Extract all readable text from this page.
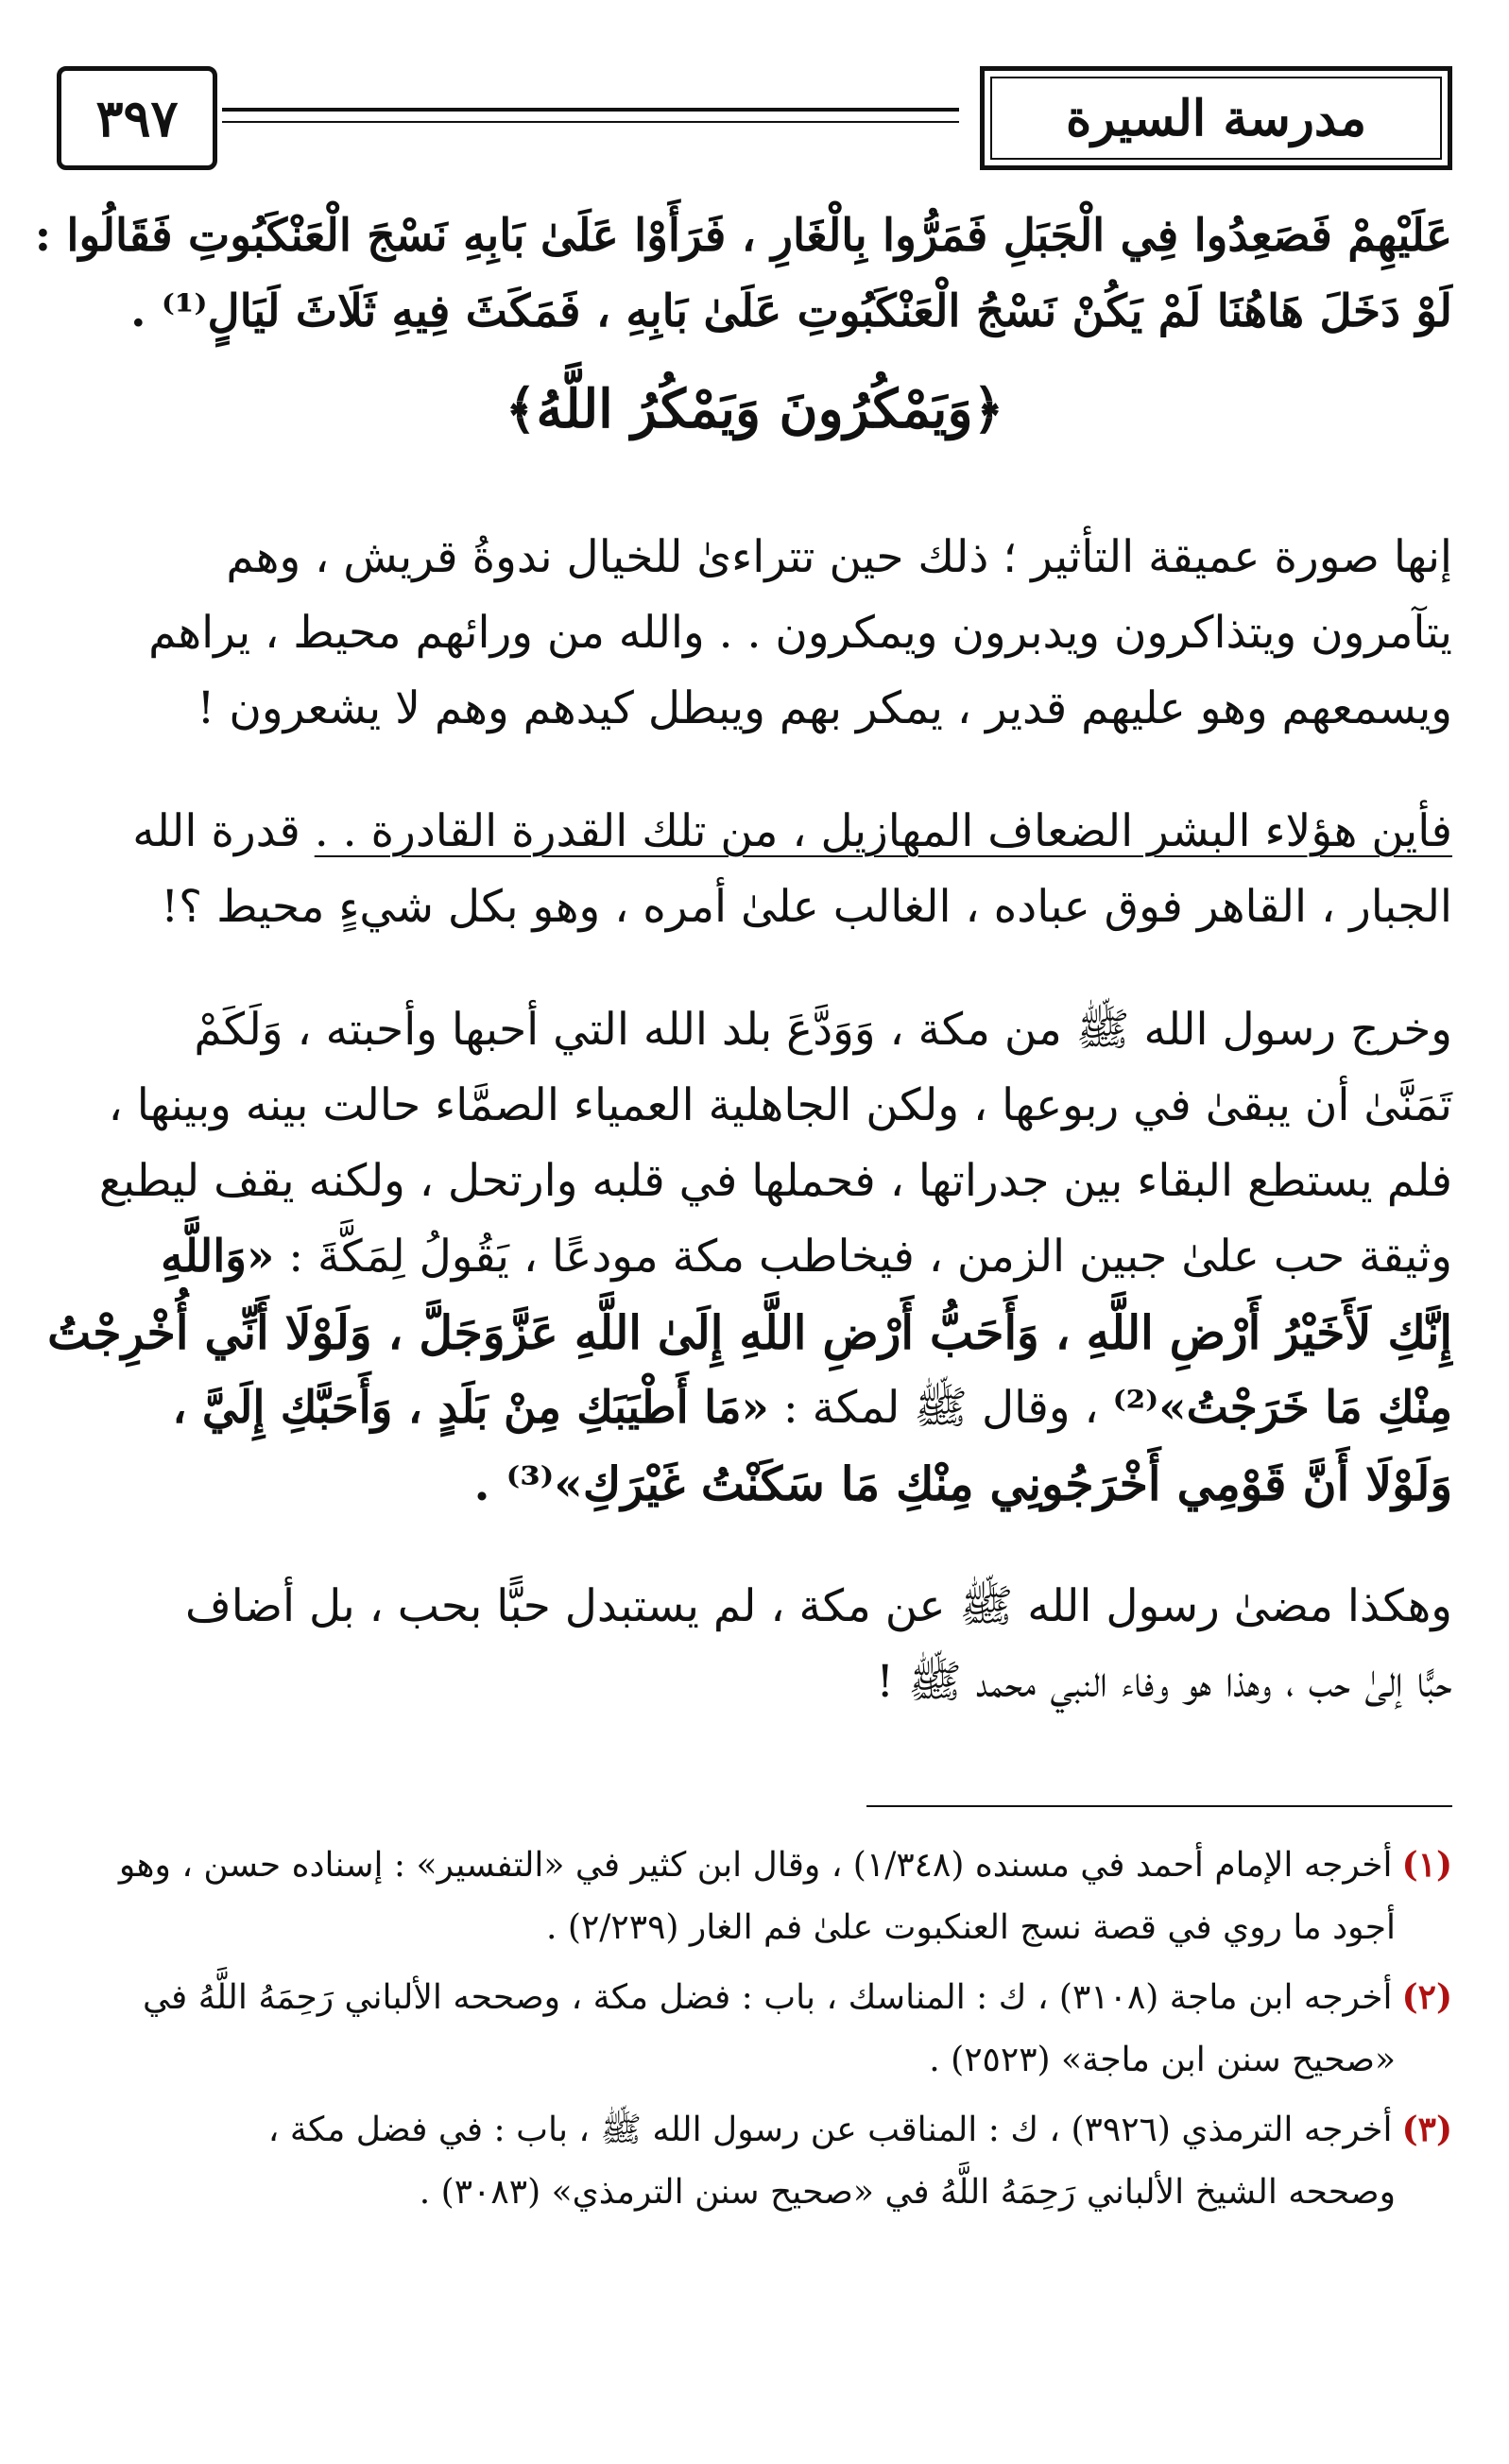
مدرسة السيرة
٣٩٧
عَلَيْهِمْ فَصَعِدُوا فِي الْجَبَلِ فَمَرُّوا بِالْغَارِ ، فَرَأَوْا عَلَىٰ بَابِهِ نَسْجَ الْعَنْكَبُوتِ فَقَالُوا :
لَوْ دَخَلَ هَاهُنَا لَمْ يَكُنْ نَسْجُ الْعَنْكَبُوتِ عَلَىٰ بَابِهِ ، فَمَكَثَ فِيهِ ثَلَاثَ لَيَالٍ⁽¹⁾ .
﴿وَيَمْكُرُونَ وَيَمْكُرُ اللَّهُ﴾
إنها صورة عميقة التأثير ؛ ذلك حين تتراءىٰ للخيال ندوةُ قريش ، وهم
يتآمرون ويتذاكرون ويدبرون ويمكرون . . والله من ورائهم محيط ، يراهم
ويسمعهم وهو عليهم قدير ، يمكر بهم ويبطل كيدهم وهم لا يشعرون !
فأين هؤلاء البشر الضعاف المهازيل ، من تلك القدرة القادرة . . قدرة الله
الجبار ، القاهر فوق عباده ، الغالب علىٰ أمره ، وهو بكل شيءٍ محيط ؟!
وخرج رسول الله ﷺ من مكة ، وَوَدَّعَ بلد الله التي أحبها وأحبته ، وَلَكَمْ
تَمَنَّىٰ أن يبقىٰ في ربوعها ، ولكن الجاهلية العمياء الصمَّاء حالت بينه وبينها ،
فلم يستطع البقاء بين جدراتها ، فحملها في قلبه وارتحل ، ولكنه يقف ليطبع
وثيقة حب علىٰ جبين الزمن ، فيخاطب مكة مودعًا ، يَقُولُ لِمَكَّةَ : «وَاللَّهِ
إِنَّكِ لَأَخَيْرُ أَرْضِ اللَّهِ ، وَأَحَبُّ أَرْضِ اللَّهِ إِلَىٰ اللَّهِ عَزَّوَجَلَّ ، وَلَوْلَا أَنِّي أُخْرِجْتُ
مِنْكِ مَا خَرَجْتُ»⁽²⁾ ، وقال ﷺ لمكة : «مَا أَطْيَبَكِ مِنْ بَلَدٍ ، وَأَحَبَّكِ إِلَيَّ ،
وَلَوْلَا أَنَّ قَوْمِي أَخْرَجُونِي مِنْكِ مَا سَكَنْتُ غَيْرَكِ»⁽³⁾ .
وهكذا مضىٰ رسول الله ﷺ عن مكة ، لم يستبدل حبًّا بحب ، بل أضاف
حبًّا إلىٰ حب ، وهذا هو وفاء النبي محمد ﷺ !
(١)أخرجه الإمام أحمد في مسنده (١/٣٤٨) ، وقال ابن كثير في «التفسير» : إسناده حسن ، وهو
أجود ما روي في قصة نسج العنكبوت علىٰ فم الغار (٢/٢٣٩) .
(٢)أخرجه ابن ماجة (٣١٠٨) ، ك : المناسك ، باب : فضل مكة ، وصححه الألباني رَحِمَهُ اللَّهُ في
«صحيح سنن ابن ماجة» (٢٥٢٣) .
(٣)أخرجه الترمذي (٣٩٢٦) ، ك : المناقب عن رسول الله ﷺ ، باب : في فضل مكة ،
وصححه الشيخ الألباني رَحِمَهُ اللَّهُ في «صحيح سنن الترمذي» (٣٠٨٣) .
